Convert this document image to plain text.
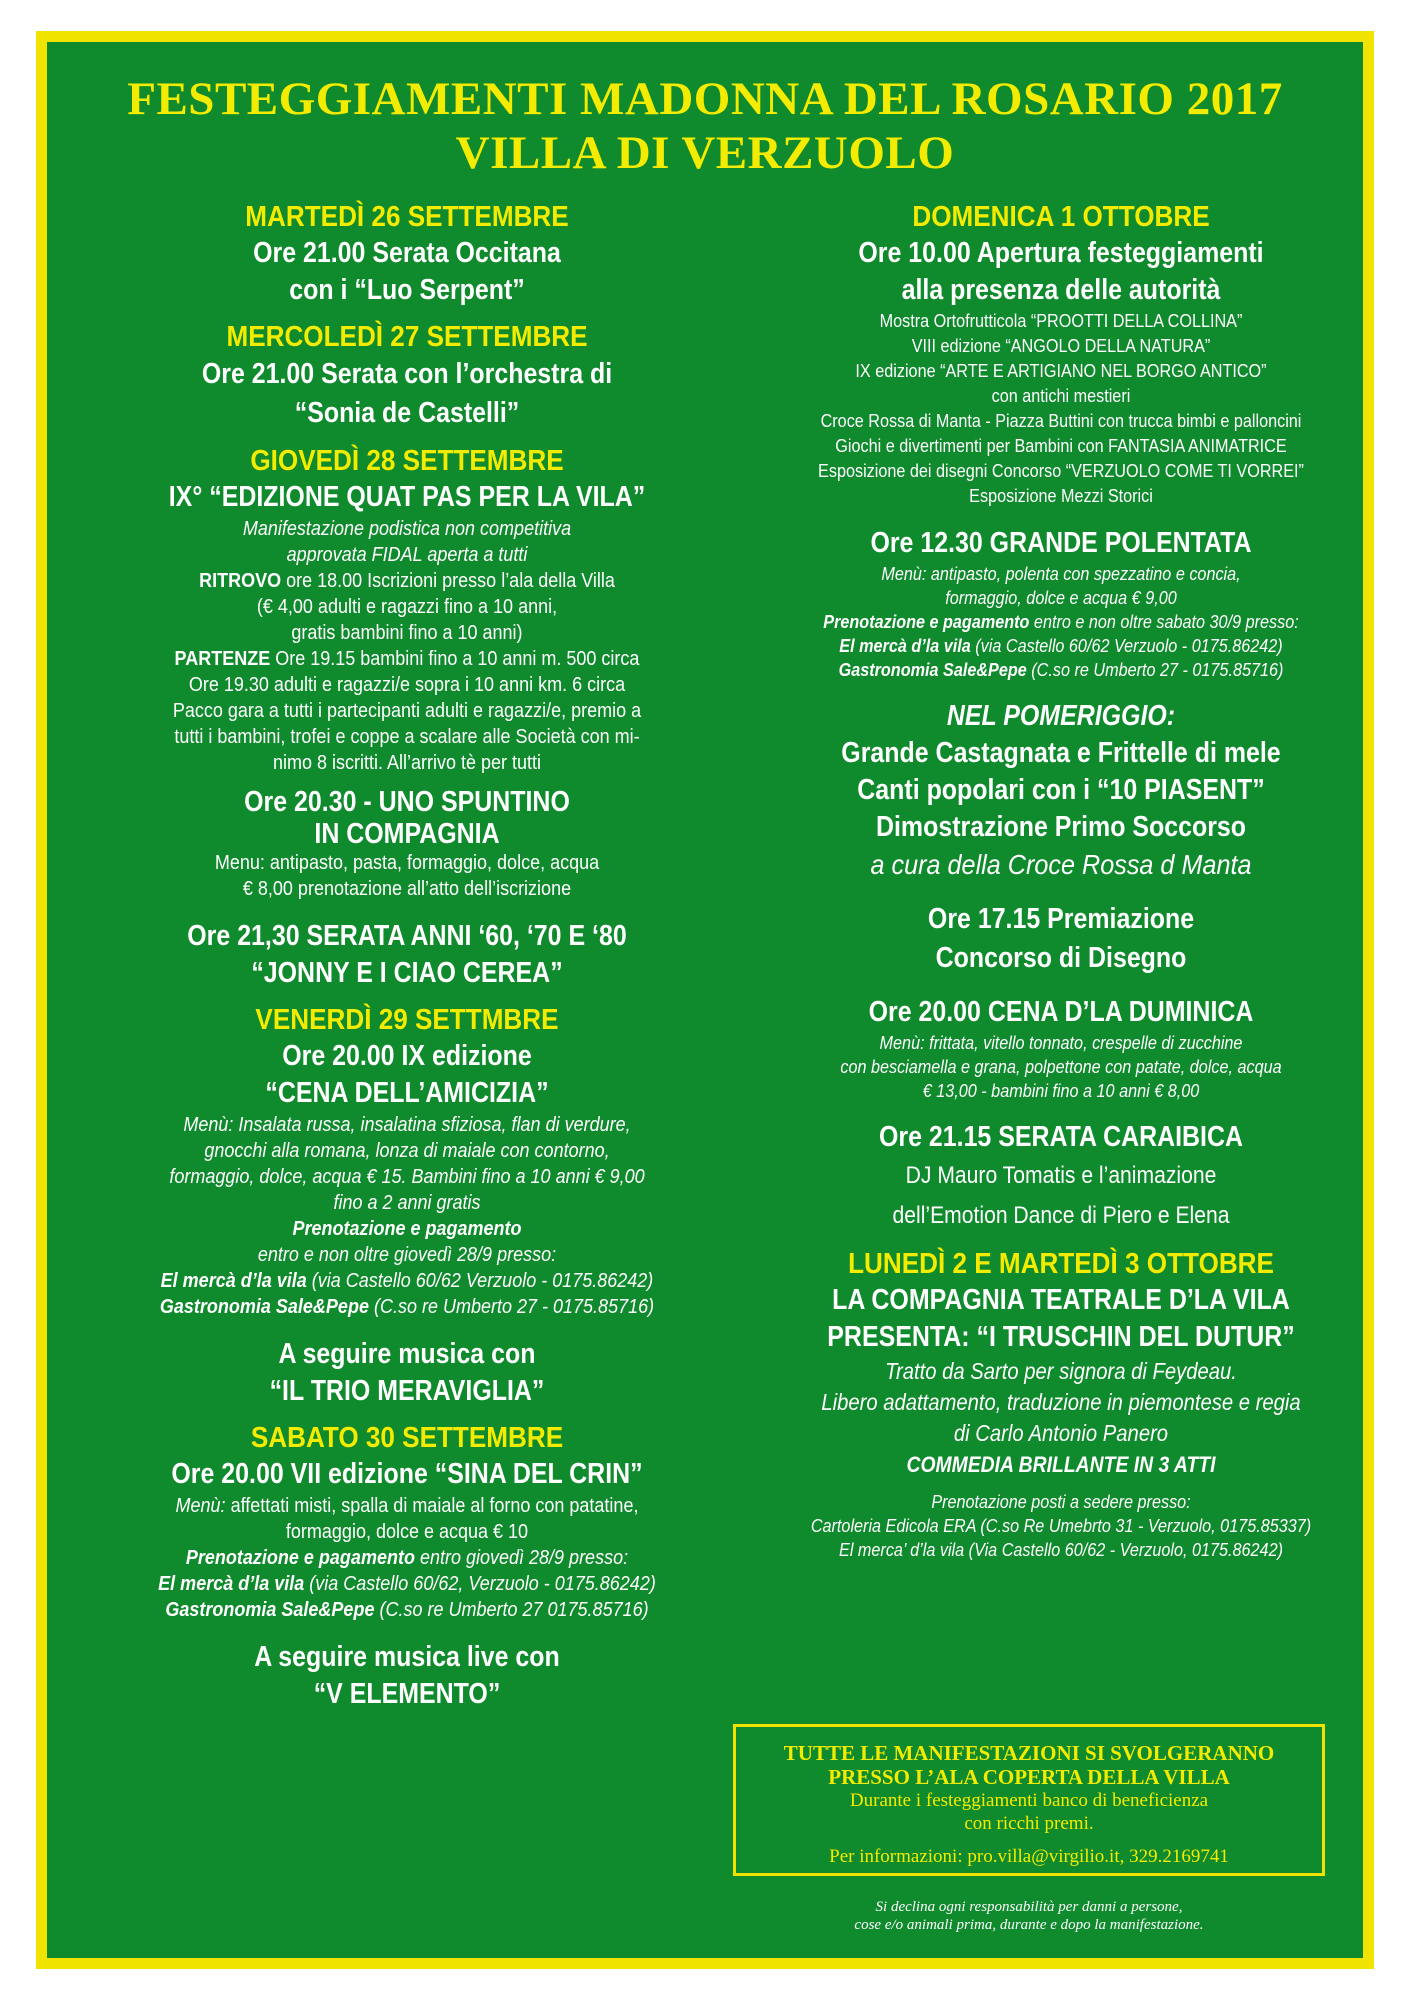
FESTEGGIAMENTI MADONNA DEL ROSARIO 2017
VILLA DI VERZUOLO
MARTEDÌ 26 SETTEMBRE
Ore 21.00 Serata Occitana
con i “Luo Serpent”
MERCOLEDÌ 27 SETTEMBRE
Ore 21.00 Serata con l’orchestra di
“Sonia de Castelli”
GIOVEDÌ 28 SETTEMBRE
IX° “EDIZIONE QUAT PAS PER LA VILA”
Manifestazione podistica non competitiva
approvata FIDAL aperta a tutti
RITROVO ore 18.00 Iscrizioni presso l’ala della Villa
(€ 4,00 adulti e ragazzi fino a 10 anni,
gratis bambini fino a 10 anni)
PARTENZE Ore 19.15 bambini fino a 10 anni m. 500 circa
Ore 19.30 adulti e ragazzi/e sopra i 10 anni km. 6 circa
Pacco gara a tutti i partecipanti adulti e ragazzi/e, premio a
tutti i bambini, trofei e coppe a scalare alle Società con mi-
nimo 8 iscritti. All’arrivo tè per tutti
Ore 20.30 - UNO SPUNTINO
IN COMPAGNIA
Menu: antipasto, pasta, formaggio, dolce, acqua
€ 8,00 prenotazione all’atto dell’iscrizione
Ore 21,30 SERATA ANNI ‘60, ‘70 E ‘80
“JONNY E I CIAO CEREA”
VENERDÌ 29 SETTMBRE
Ore 20.00 IX edizione
“CENA DELL’AMICIZIA”
Menù: Insalata russa, insalatina sfiziosa, flan di verdure,
gnocchi alla romana, lonza di maiale con contorno,
formaggio, dolce, acqua € 15. Bambini fino a 10 anni € 9,00
fino a 2 anni gratis
Prenotazione e pagamento
entro e non oltre giovedì 28/9 presso:
El mercà d’la vila (via Castello 60/62 Verzuolo - 0175.86242)
Gastronomia Sale&Pepe (C.so re Umberto 27 - 0175.85716)
A seguire musica con
“IL TRIO MERAVIGLIA”
SABATO 30 SETTEMBRE
Ore 20.00 VII edizione “SINA DEL CRIN”
Menù: affettati misti, spalla di maiale al forno con patatine,
formaggio, dolce e acqua € 10
Prenotazione e pagamento entro giovedì 28/9 presso:
El mercà d’la vila (via Castello 60/62, Verzuolo - 0175.86242)
Gastronomia Sale&Pepe (C.so re Umberto 27 0175.85716)
A seguire musica live con
“V ELEMENTO”
DOMENICA 1 OTTOBRE
Ore 10.00 Apertura festeggiamenti
alla presenza delle autorità
Mostra Ortofrutticola “PROOTTI DELLA COLLINA”
VIII edizione “ANGOLO DELLA NATURA”
IX edizione “ARTE E ARTIGIANO NEL BORGO ANTICO”
con antichi mestieri
Croce Rossa di Manta - Piazza Buttini con trucca bimbi e palloncini
Giochi e divertimenti per Bambini con FANTASIA ANIMATRICE
Esposizione dei disegni Concorso “VERZUOLO COME TI VORREI”
Esposizione Mezzi Storici
Ore 12.30 GRANDE POLENTATA
Menù: antipasto, polenta con spezzatino e concia,
formaggio, dolce e acqua € 9,00
Prenotazione e pagamento entro e non oltre sabato 30/9 presso:
El mercà d’la vila (via Castello 60/62 Verzuolo - 0175.86242)
Gastronomia Sale&Pepe (C.so re Umberto 27 - 0175.85716)
NEL POMERIGGIO:
Grande Castagnata e Frittelle di mele
Canti popolari con i “10 PIASENT”
Dimostrazione Primo Soccorso
a cura della Croce Rossa d Manta
Ore 17.15 Premiazione
Concorso di Disegno
Ore 20.00 CENA D’LA DUMINICA
Menù: frittata, vitello tonnato, crespelle di zucchine
con besciamella e grana, polpettone con patate, dolce, acqua
€ 13,00 - bambini fino a 10 anni € 8,00
Ore 21.15 SERATA CARAIBICA
DJ Mauro Tomatis e l’animazione
dell’Emotion Dance di Piero e Elena
LUNEDÌ 2 E MARTEDÌ 3 OTTOBRE
LA COMPAGNIA TEATRALE D’LA VILA
PRESENTA: “I TRUSCHIN DEL DUTUR”
Tratto da Sarto per signora di Feydeau.
Libero adattamento, traduzione in piemontese e regia
di Carlo Antonio Panero
COMMEDIA BRILLANTE IN 3 ATTI
Prenotazione posti a sedere presso:
Cartoleria Edicola ERA (C.so Re Umebrto 31 - Verzuolo, 0175.85337)
El merca’ d’la vila (Via Castello 60/62 - Verzuolo, 0175.86242)
TUTTE LE MANIFESTAZIONI SI SVOLGERANNO
PRESSO L’ALA COPERTA DELLA VILLA
Durante i festeggiamenti banco di beneficienza
con ricchi premi.
Per informazioni: pro.villa@virgilio.it, 329.2169741
Si declina ogni responsabilità per danni a persone,
cose e/o animali prima, durante e dopo la manifestazione.
